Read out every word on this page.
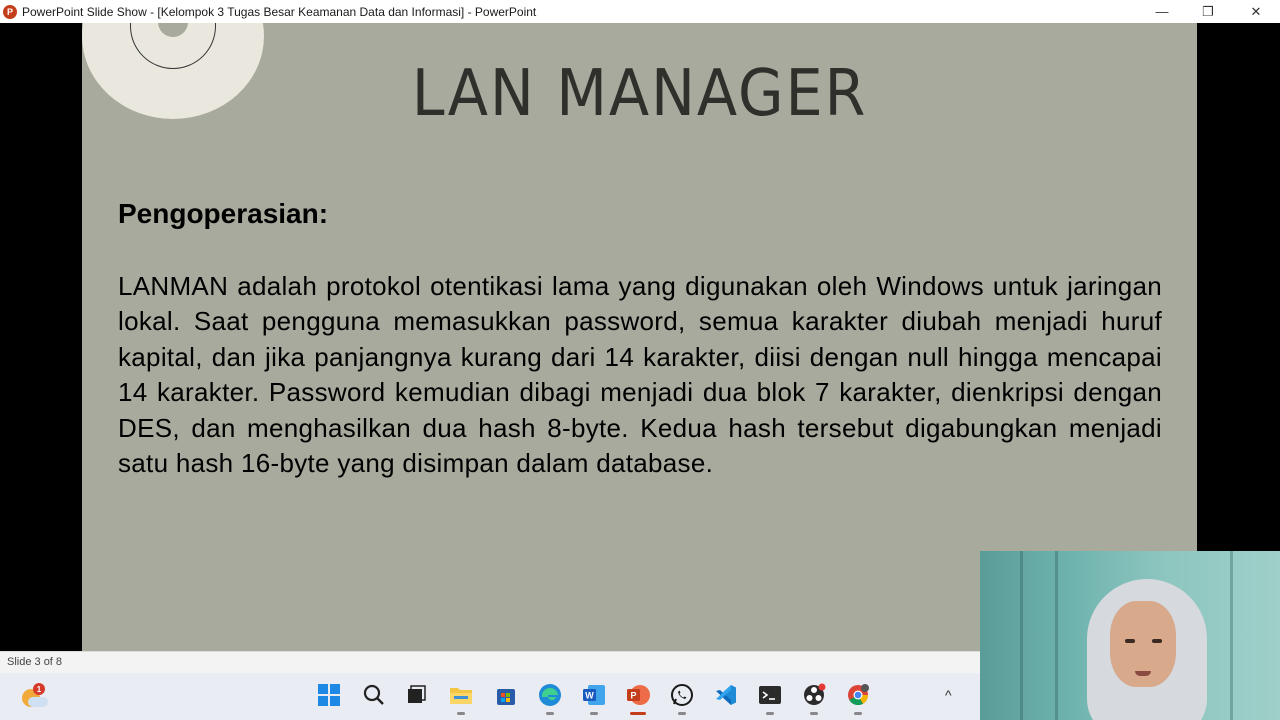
P PowerPoint Slide Show - [Kelompok 3 Tugas Besar Keamanan Data dan Informasi] - PowerPoint	—	❐	✕
LAN MANAGER
Pengoperasian:
LANMAN adalah protokol otentikasi lama yang digunakan oleh Windows untuk jaringan lokal. Saat pengguna memasukkan password, semua karakter diubah menjadi huruf kapital, dan jika panjangnya kurang dari 14 karakter, diisi dengan null hingga mencapai 14 karakter. Password kemudian dibagi menjadi dua blok 7 karakter, dienkripsi dengan DES, dan menghasilkan dua hash 8-byte. Kedua hash tersebut digabungkan menjadi satu hash 16-byte yang disimpan dalam database.
Slide 3 of 8
1
W	P	^
